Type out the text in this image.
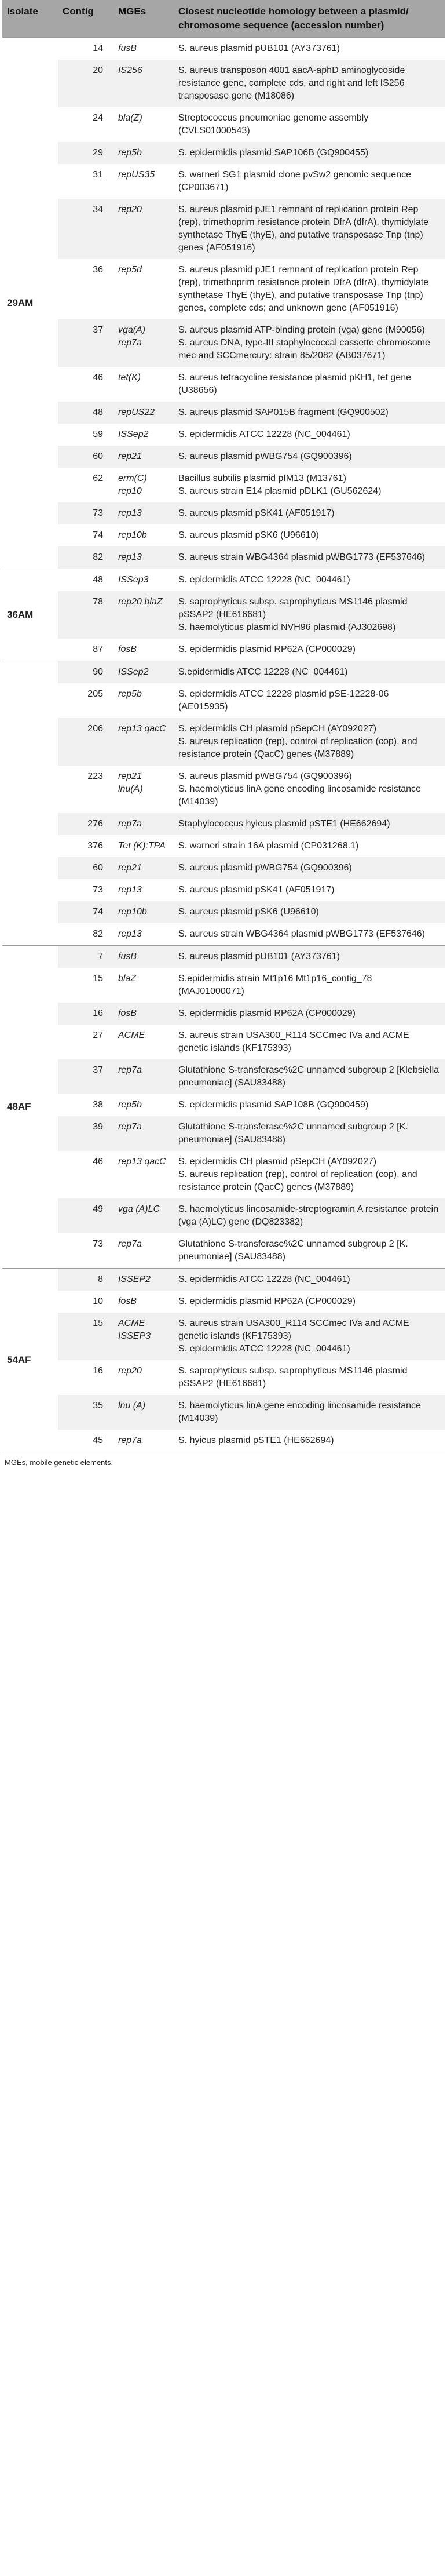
Isolate	Contig	MGEs	Closest nucleotide homology between a plasmid/ chromosome sequence (accession number)
29AM	14	fusB	S. aureus plasmid pUB101 (AY373761)

	20	IS256	S. aureus transposon 4001 aacA-aphD aminoglycoside resistance gene, complete cds, and right and left IS256 transposase gene (M18086)

	24	bla(Z)	Streptococcus pneumoniae genome assembly (CVLS01000543)

	29	rep5b	S. epidermidis plasmid SAP106B (GQ900455)

	31	repUS35	S. warneri SG1 plasmid clone pvSw2 genomic sequence (CP003671)

	34	rep20	S. aureus plasmid pJE1 remnant of replication protein Rep (rep), trimethoprim resistance protein DfrA (dfrA), thymidylate synthetase ThyE (thyE), and putative transposase Tnp (tnp) genes (AF051916)

	36	rep5d	S. aureus plasmid pJE1 remnant of replication protein Rep (rep), trimethoprim resistance protein DfrA (dfrA), thymidylate synthetase ThyE (thyE), and putative transposase Tnp (tnp) genes, complete cds; and unknown gene (AF051916)

	37	vga(A) rep7a	S. aureus plasmid ATP-binding protein (vga) gene (M90056)
S. aureus DNA, type-III staphylococcal cassette chromosome mec and SCCmercury: strain 85/2082 (AB037671)

	46	tet(K)	S. aureus tetracycline resistance plasmid pKH1, tet gene (U38656)

	48	repUS22	S. aureus plasmid SAP015B fragment (GQ900502)

	59	ISSep2	S. epidermidis ATCC 12228 (NC_004461)

	60	rep21	S. aureus plasmid pWBG754 (GQ900396)

	62	erm(C) rep10	Bacillus subtilis plasmid pIM13 (M13761)
S. aureus strain E14 plasmid pDLK1 (GU562624)

	73	rep13	S. aureus plasmid pSK41 (AF051917)

	74	rep10b	S. aureus plasmid pSK6 (U96610)

	82	rep13	S. aureus strain WBG4364 plasmid pWBG1773 (EF537646)

36AM	48	ISSep3	S. epidermidis ATCC 12228 (NC_004461)

	78	rep20 blaZ	S. saprophyticus subsp. saprophyticus MS1146 plasmid pSSAP2 (HE616681)
S. haemolyticus plasmid NVH96 plasmid (AJ302698)

	87	fosB	S. epidermidis plasmid RP62A (CP000029)

	90	ISSep2	S.epidermidis ATCC 12228 (NC_004461)

	205	rep5b	S. epidermidis ATCC 12228 plasmid pSE-12228-06 (AE015935)

	206	rep13 qacC	S. epidermidis CH plasmid pSepCH (AY092027)
S. aureus replication (rep), control of replication (cop), and resistance protein (QacC) genes (M37889)

	223	rep21 lnu(A)	S. aureus plasmid pWBG754 (GQ900396)
S. haemolyticus linA gene encoding lincosamide resistance (M14039)

	276	rep7a	Staphylococcus hyicus plasmid pSTE1 (HE662694)

	376	Tet (K):TPA	S. warneri strain 16A plasmid (CP031268.1)

	60	rep21	S. aureus plasmid pWBG754 (GQ900396)

	73	rep13	S. aureus plasmid pSK41 (AF051917)

	74	rep10b	S. aureus plasmid pSK6 (U96610)

	82	rep13	S. aureus strain WBG4364 plasmid pWBG1773 (EF537646)

48AF	7	fusB	S. aureus plasmid pUB101 (AY373761)

	15	blaZ	S.epidermidis strain Mt1p16 Mt1p16_contig_78 (MAJ01000071)

	16	fosB	S. epidermidis plasmid RP62A (CP000029)

	27	ACME	S. aureus strain USA300_R114 SCCmec IVa and ACME genetic islands (KF175393)

	37	rep7a	Glutathione S-transferase%2C unnamed subgroup 2 [Klebsiella pneumoniae] (SAU83488)

	38	rep5b	S. epidermidis plasmid SAP108B (GQ900459)

	39	rep7a	Glutathione S-transferase%2C unnamed subgroup 2 [K. pneumoniae] (SAU83488)

	46	rep13 qacC	S. epidermidis CH plasmid pSepCH (AY092027)
S. aureus replication (rep), control of replication (cop), and resistance protein (QacC) genes (M37889)

	49	vga (A)LC	S. haemolyticus lincosamide-streptogramin A resistance protein (vga (A)LC) gene (DQ823382)

	73	rep7a	Glutathione S-transferase%2C unnamed subgroup 2 [K. pneumoniae] (SAU83488)

54AF	8	ISSEP2	S. epidermidis ATCC 12228 (NC_004461)

	10	fosB	S. epidermidis plasmid RP62A (CP000029)

	15	ACME ISSEP3	S. aureus strain USA300_R114 SCCmec IVa and ACME genetic islands (KF175393)
S. epidermidis ATCC 12228 (NC_004461)

	16	rep20	S. saprophyticus subsp. saprophyticus MS1146 plasmid pSSAP2 (HE616681)

	35	lnu (A)	S. haemolyticus linA gene encoding lincosamide resistance (M14039)

	45	rep7a	S. hyicus plasmid pSTE1 (HE662694)
MGEs, mobile genetic elements.
